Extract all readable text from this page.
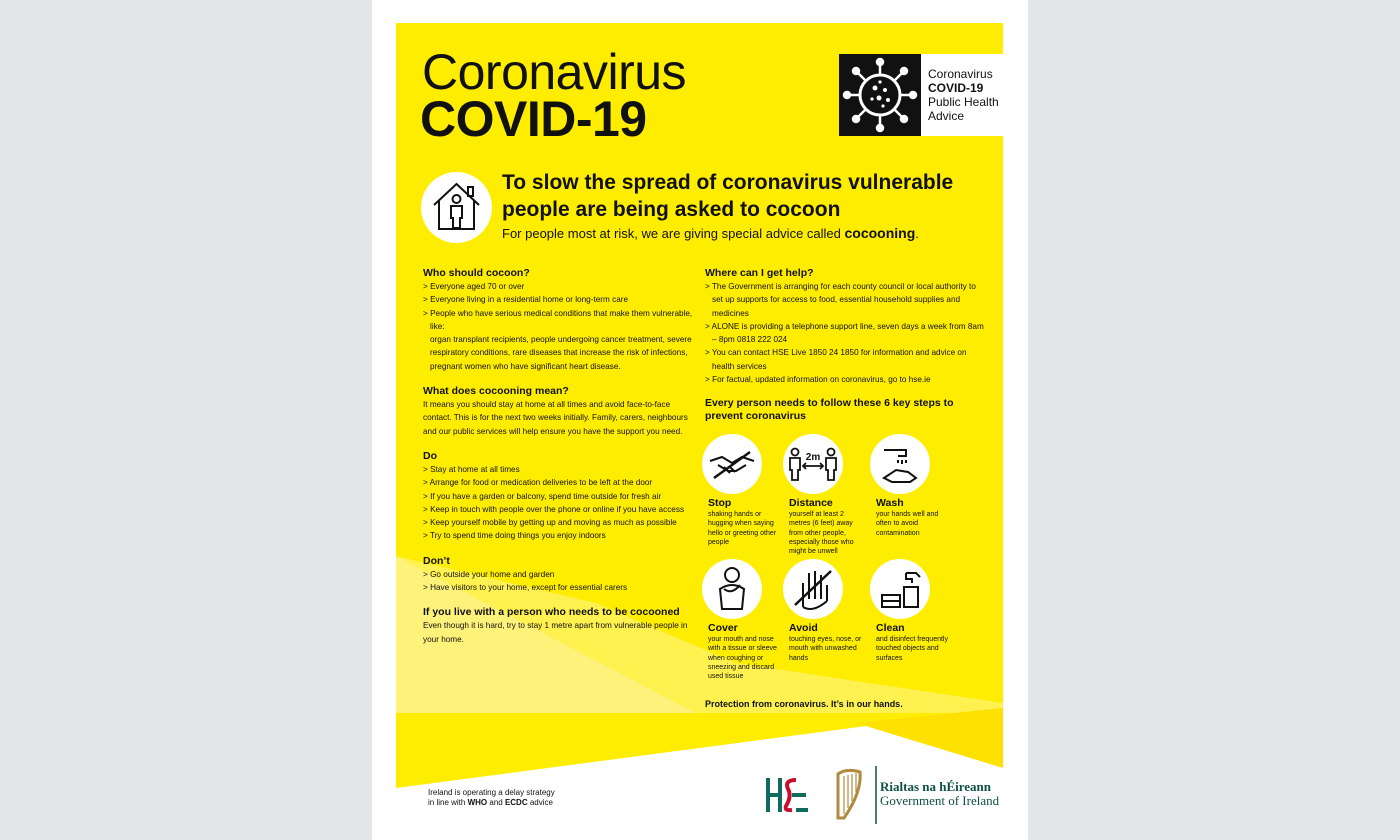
Coronavirus
COVID-19
Coronavirus
COVID-19
Public Health
Advice
To slow the spread of coronavirus vulnerable people are being asked to cocoon
For people most at risk, we are giving special advice called cocooning.
Who should cocoon?
> Everyone aged 70 or over
> Everyone living in a residential home or long-term care
> People who have serious medical conditions that make them vulnerable, like:

organ transplant recipients, people undergoing cancer treatment, severe respiratory conditions, rare diseases that increase the risk of infections, pregnant women who have significant heart disease.

What does cocooning mean?

It means you should stay at home at all times and avoid face-to-face contact. This is for the next two weeks initially. Family, carers, neighbours and our public services will help ensure you have the support you need.

Do
> Stay at home at all times
> Arrange for food or medication deliveries to be left at the door
> If you have a garden or balcony, spend time outside for fresh air
> Keep in touch with people over the phone or online if you have access
> Keep yourself mobile by getting up and moving as much as possible
> Try to spend time doing things you enjoy indoors
Don’t
> Go outside your home and garden
> Have visitors to your home, except for essential carers
If you live with a person who needs to be cocooned

Even though it is hard, try to stay 1 metre apart from vulnerable people in your home.

Where can I get help?
> The Government is arranging for each county council or local authority to set up supports for access to food, essential household supplies and medicines
> ALONE is providing a telephone support line, seven days a week from 8am – 8pm 0818 222 024
> You can contact HSE Live 1850 24 1850 for information and advice on health services
> For factual, updated information on coronavirus, go to hse.ie
Every person needs to follow these 6 key steps to prevent coronavirus
Stop
shaking hands or hugging when saying hello or greeting other people
2m
Distance
yourself at least 2 metres (6 feet) away from other people, especially those who might be unwell
Wash
your hands well and often to avoid contamination
Cover
your mouth and nose with a tissue or sleeve when coughing or sneezing and discard used tissue
Avoid
touching eyes, nose, or mouth with unwashed hands
Clean
and disinfect frequently touched objects and surfaces
Protection from coronavirus. It’s in our hands.
Ireland is operating a delay strategy
in line with WHO and ECDC advice
Rialtas na hÉireann
Government of Ireland
